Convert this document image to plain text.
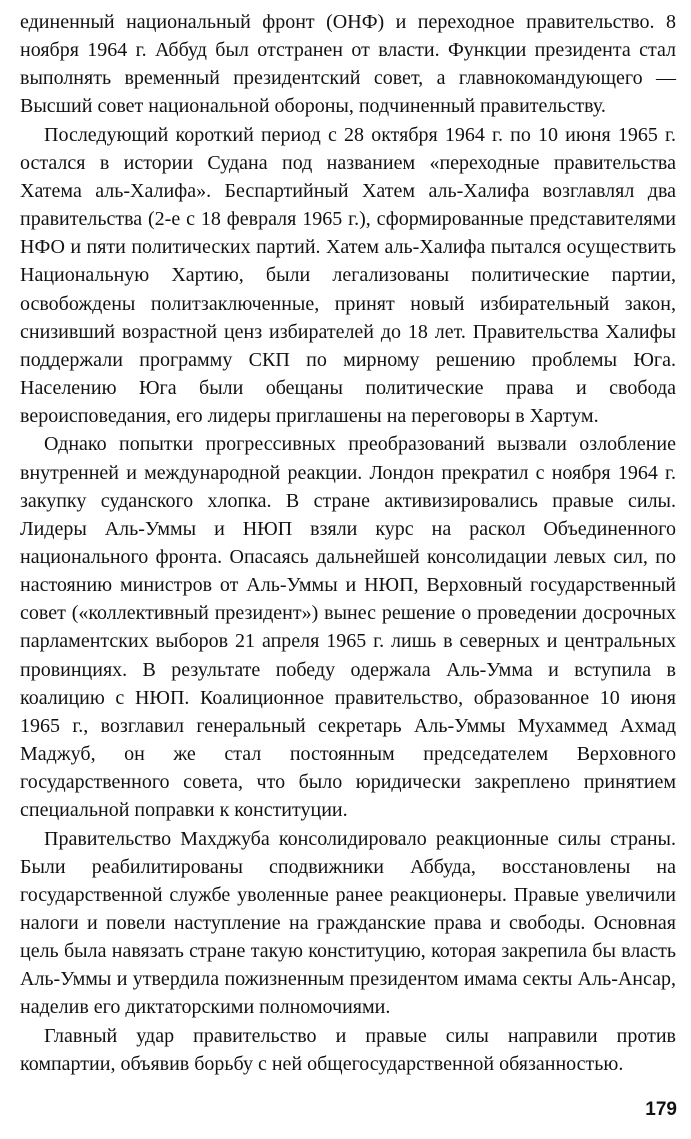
единенный национальный фронт (ОНФ) и переходное правительство. 8 ноября 1964 г. Аббуд был отстранен от власти. Функции президента стал выполнять временный президентский совет, а главнокомандующего — Высший совет национальной обороны, подчиненный правительству.

Последующий короткий период с 28 октября 1964 г. по 10 июня 1965 г. остался в истории Судана под названием «переходные правительства Хатема аль-Халифа». Беспартийный Хатем аль-Халифа возглавлял два правительства (2-е с 18 февраля 1965 г.), сформированные представителями НФО и пяти политических партий. Хатем аль-Халифа пытался осуществить Национальную Хартию, были легализованы политические партии, освобождены политзаключенные, принят новый избирательный закон, снизивший возрастной ценз избирателей до 18 лет. Правительства Халифы поддержали программу СКП по мирному решению проблемы Юга. Населению Юга были обещаны политические права и свобода вероисповедания, его лидеры приглашены на переговоры в Хартум.

Однако попытки прогрессивных преобразований вызвали озлобление внутренней и международной реакции. Лондон прекратил с ноября 1964 г. закупку суданского хлопка. В стране активизировались правые силы. Лидеры Аль-Уммы и НЮП взяли курс на раскол Объединенного национального фронта. Опасаясь дальнейшей консолидации левых сил, по настоянию министров от Аль-Уммы и НЮП, Верховный государственный совет («коллективный президент») вынес решение о проведении досрочных парламентских выборов 21 апреля 1965 г. лишь в северных и центральных провинциях. В результате победу одержала Аль-Умма и вступила в коалицию с НЮП. Коалиционное правительство, образованное 10 июня 1965 г., возглавил генеральный секретарь Аль-Уммы Мухаммед Ахмад Маджуб, он же стал постоянным председателем Верховного государственного совета, что было юридически закреплено принятием специальной поправки к конституции.

Правительство Махджуба консолидировало реакционные силы страны. Были реабилитированы сподвижники Аббуда, восстановлены на государственной службе уволенные ранее реакционеры. Правые увеличили налоги и повели наступление на гражданские права и свободы. Основная цель была навязать стране такую конституцию, которая закрепила бы власть Аль-Уммы и утвердила пожизненным президентом имама секты Аль-Ансар, наделив его диктаторскими полномочиями.

Главный удар правительство и правые силы направили против компартии, объявив борьбу с ней общегосударственной обязанностью.

179
